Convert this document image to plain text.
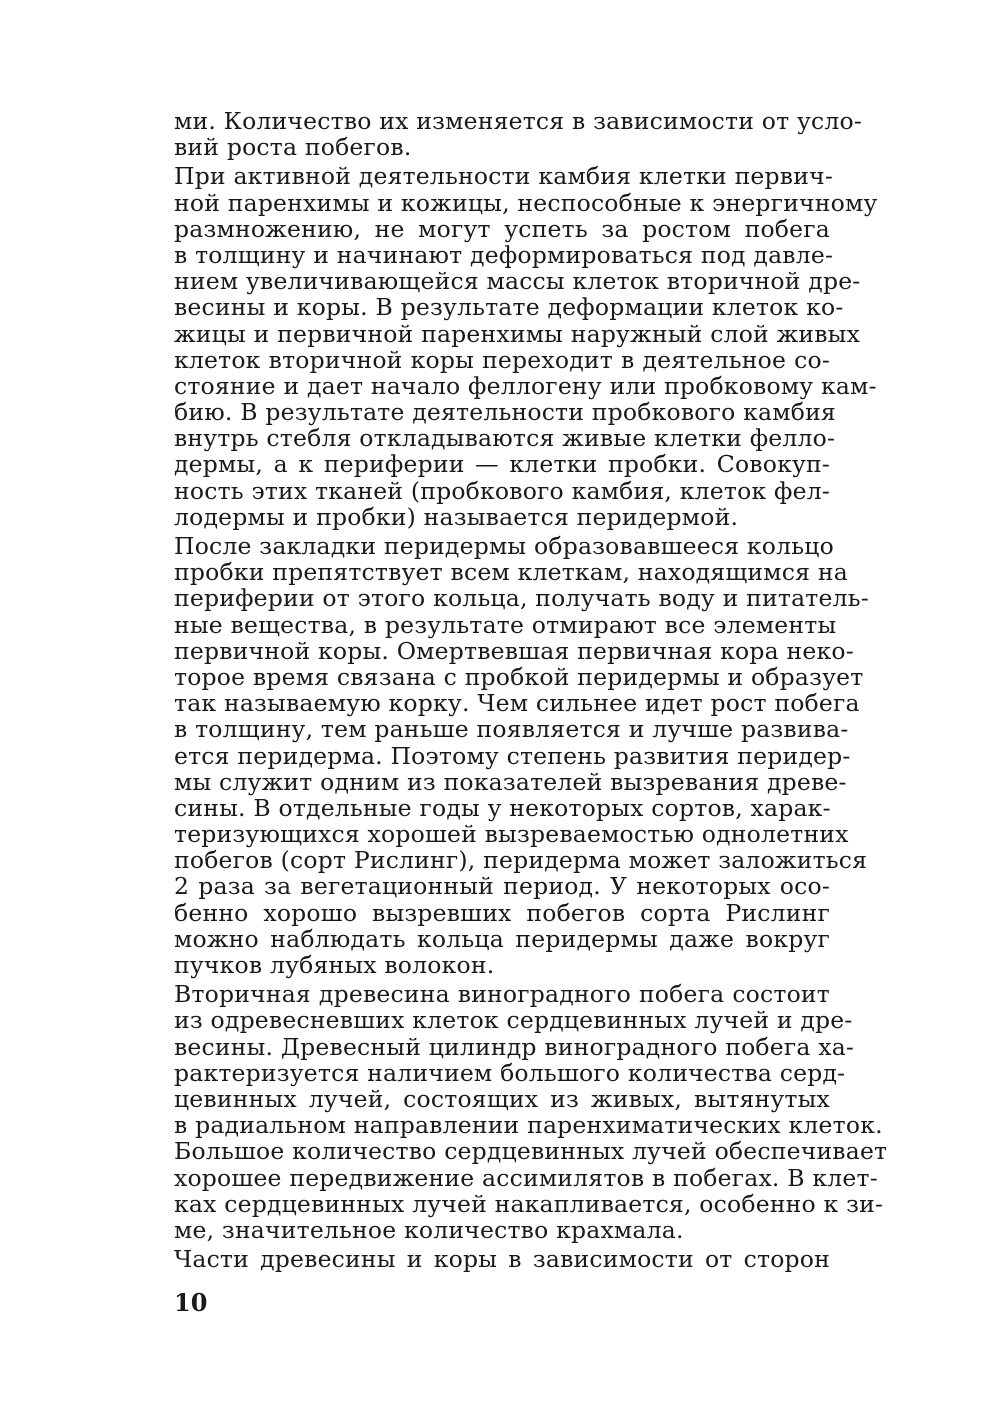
ми. Количество их изменяется в зависимости от усло-
вий роста побегов.
При активной деятельности камбия клетки первич-
ной паренхимы и кожицы, неспособные к энергичному
размножению, не могут успеть за ростом побега
в толщину и начинают деформироваться под давле-
нием увеличивающейся массы клеток вторичной дре-
весины и коры. В результате деформации клеток ко-
жицы и первичной паренхимы наружный слой живых
клеток вторичной коры переходит в деятельное со-
стояние и дает начало феллогену или пробковому кам-
бию. В результате деятельности пробкового камбия
внутрь стебля откладываются живые клетки фелло-
дермы, а к периферии — клетки пробки. Совокуп-
ность этих тканей (пробкового камбия, клеток фел-
лодермы и пробки) называется перидермой.
После закладки перидермы образовавшееся кольцо
пробки препятствует всем клеткам, находящимся на
периферии от этого кольца, получать воду и питатель-
ные вещества, в результате отмирают все элементы
первичной коры. Омертвевшая первичная кора неко-
торое время связана с пробкой перидермы и образует
так называемую корку. Чем сильнее идет рост побега
в толщину, тем раньше появляется и лучше развива-
ется перидерма. Поэтому степень развития перидер-
мы служит одним из показателей вызревания древе-
сины. В отдельные годы у некоторых сортов, харак-
теризующихся хорошей вызреваемостью однолетних
побегов (сорт Рислинг), перидерма может заложиться
2 раза за вегетационный период. У некоторых осо-
бенно хорошо вызревших побегов сорта Рислинг
можно наблюдать кольца перидермы даже вокруг
пучков лубяных волокон.
Вторичная древесина виноградного побега состоит
из одревесневших клеток сердцевинных лучей и дре-
весины. Древесный цилиндр виноградного побега ха-
рактеризуется наличием большого количества серд-
цевинных лучей, состоящих из живых, вытянутых
в радиальном направлении паренхиматических клеток.
Большое количество сердцевинных лучей обеспечивает
хорошее передвижение ассимилятов в побегах. В клет-
ках сердцевинных лучей накапливается, особенно к зи-
ме, значительное количество крахмала.
Части древесины и коры в зависимости от сторон
10
